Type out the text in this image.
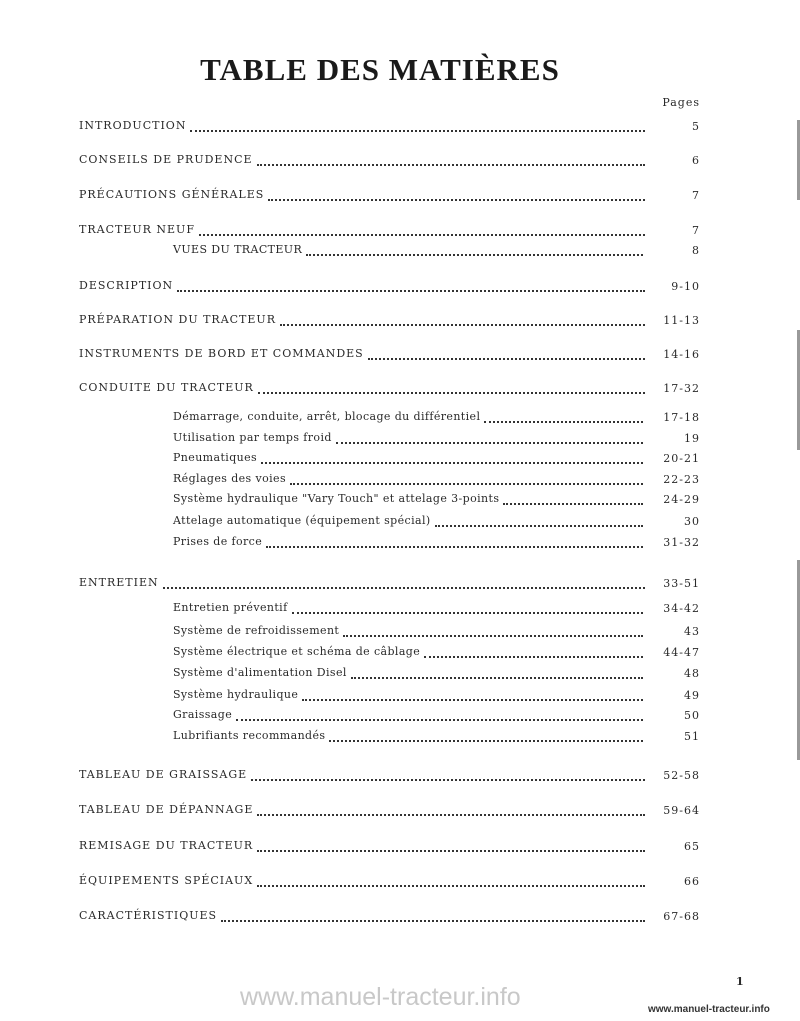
TABLE DES MATIÈRES
Pages
INTRODUCTION	5
CONSEILS DE PRUDENCE	6
PRÉCAUTIONS GÉNÉRALES	7
TRACTEUR NEUF	7
VUES DU TRACTEUR	8
DESCRIPTION	9-10
PRÉPARATION DU TRACTEUR	11-13
INSTRUMENTS DE BORD ET COMMANDES	14-16
CONDUITE DU TRACTEUR	17-32
Démarrage, conduite, arrêt, blocage du différentiel	17-18
Utilisation par temps froid	19
Pneumatiques	20-21
Réglages des voies	22-23
Système hydraulique "Vary Touch" et attelage 3-points	24-29
Attelage automatique (équipement spécial)	30
Prises de force	31-32
ENTRETIEN	33-51
Entretien préventif	34-42
Système de refroidissement	43
Système électrique et schéma de câblage	44-47
Système d'alimentation Disel	48
Système hydraulique	49
Graissage	50
Lubrifiants recommandés	51
TABLEAU DE GRAISSAGE	52-58
TABLEAU DE DÉPANNAGE	59-64
REMISAGE DU TRACTEUR	65
ÉQUIPEMENTS SPÉCIAUX	66
CARACTÉRISTIQUES	67-68
1
www.manuel-tracteur.info	www.manuel-tracteur.info
